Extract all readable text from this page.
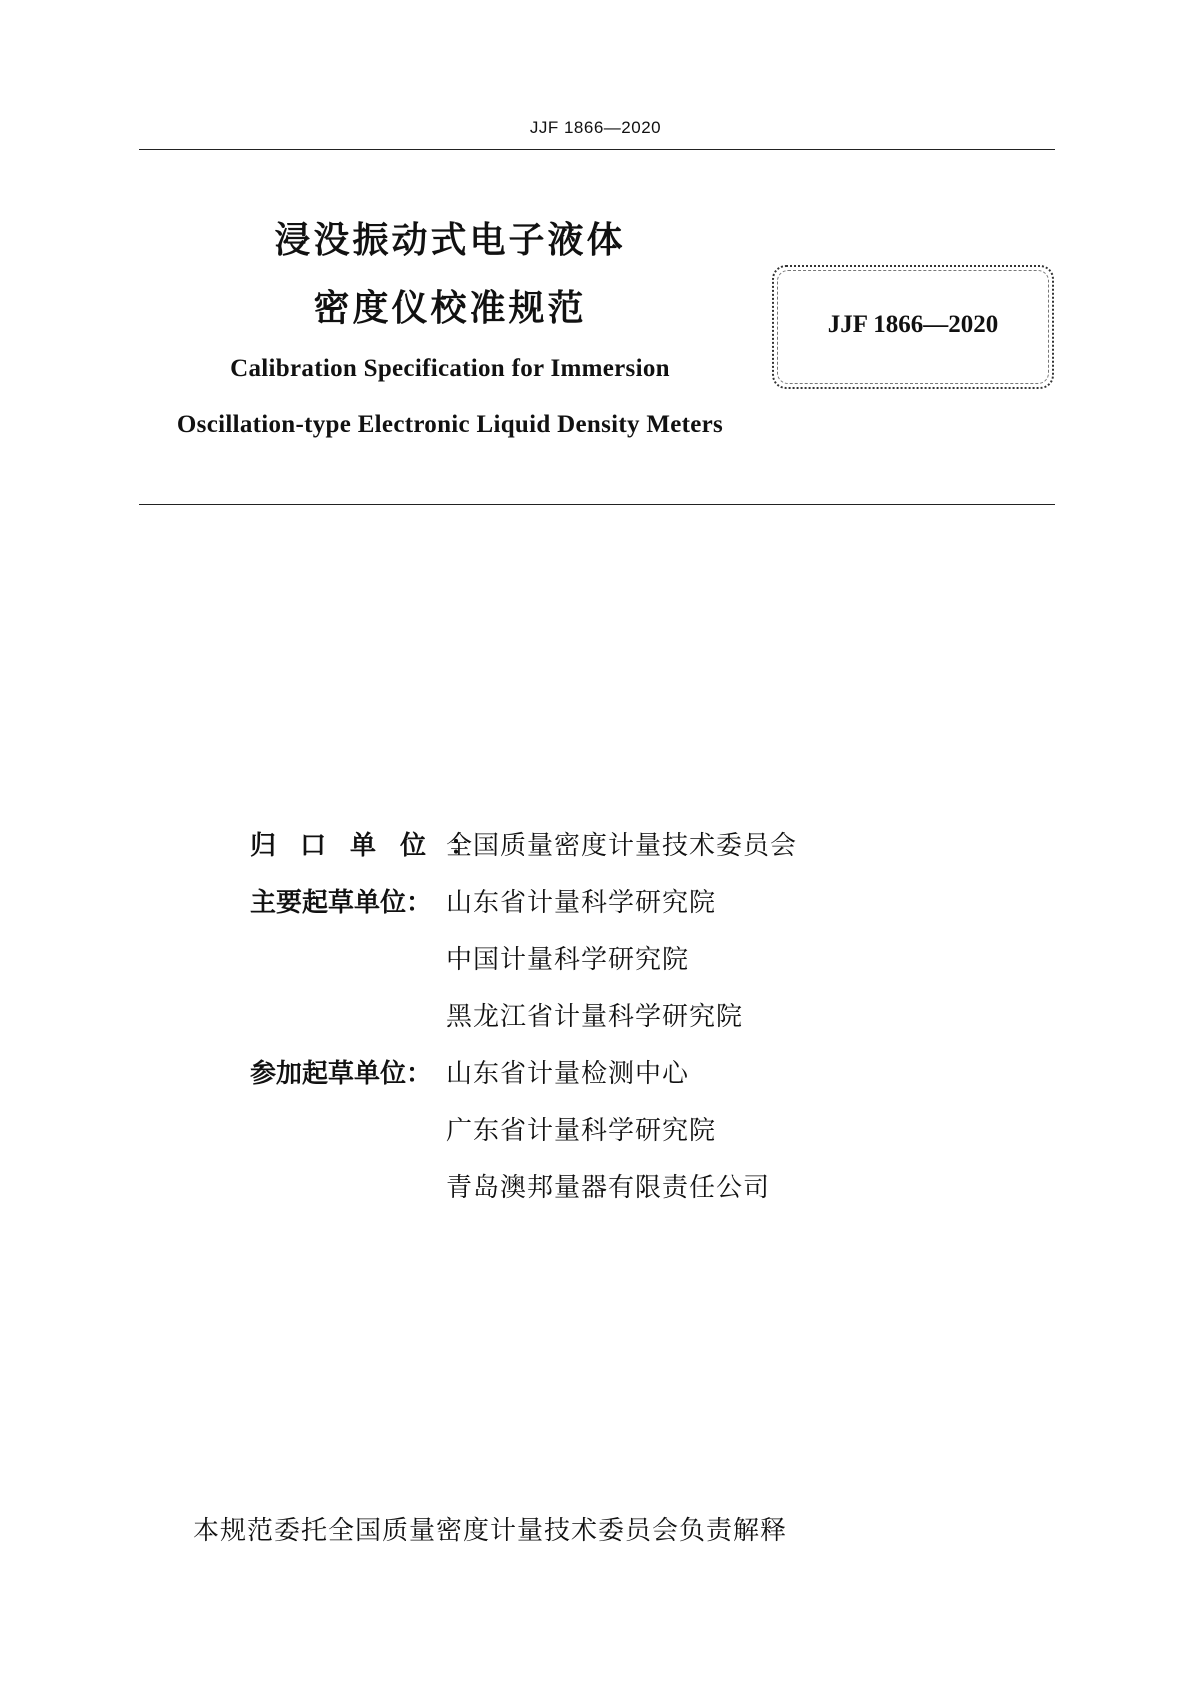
JJF 1866—2020
浸没振动式电子液体
密度仪校准规范
Calibration Specification for Immersion
Oscillation-type Electronic Liquid Density Meters
JJF 1866—2020
归口单位：
全国质量密度计量技术委员会
主要起草单位： 山东省计量科学研究院
中国计量科学研究院
黑龙江省计量科学研究院
参加起草单位： 山东省计量检测中心
广东省计量科学研究院
青岛澳邦量器有限责任公司
本规范委托全国质量密度计量技术委员会负责解释
